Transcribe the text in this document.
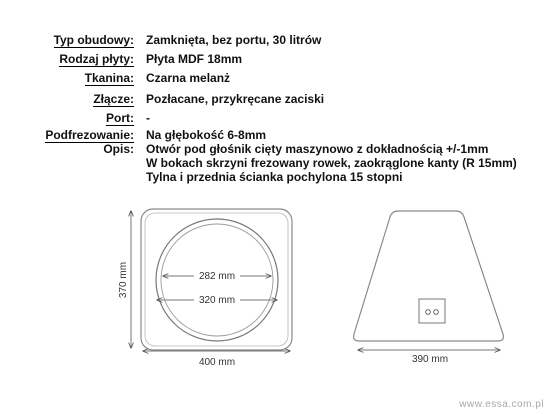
Typ obudowy: Zamknięta, bez portu, 30 litrów
Rodzaj płyty: Płyta MDF 18mm
Tkanina: Czarna melanż
Złącze: Pozłacane, przykręcane zaciski
Port: -
Podfrezowanie: Na głębokość 6-8mm
Opis: Otwór pod głośnik cięty maszynowo z dokładnością +/-1mm
W bokach skrzyni frezowany rowek, zaokrąglone kanty (R 15mm)
Tylna i przednia ścianka pochylona 15 stopni
282 mm
320 mm
370 mm
400 mm	390 mm
www.essa.com.pl
